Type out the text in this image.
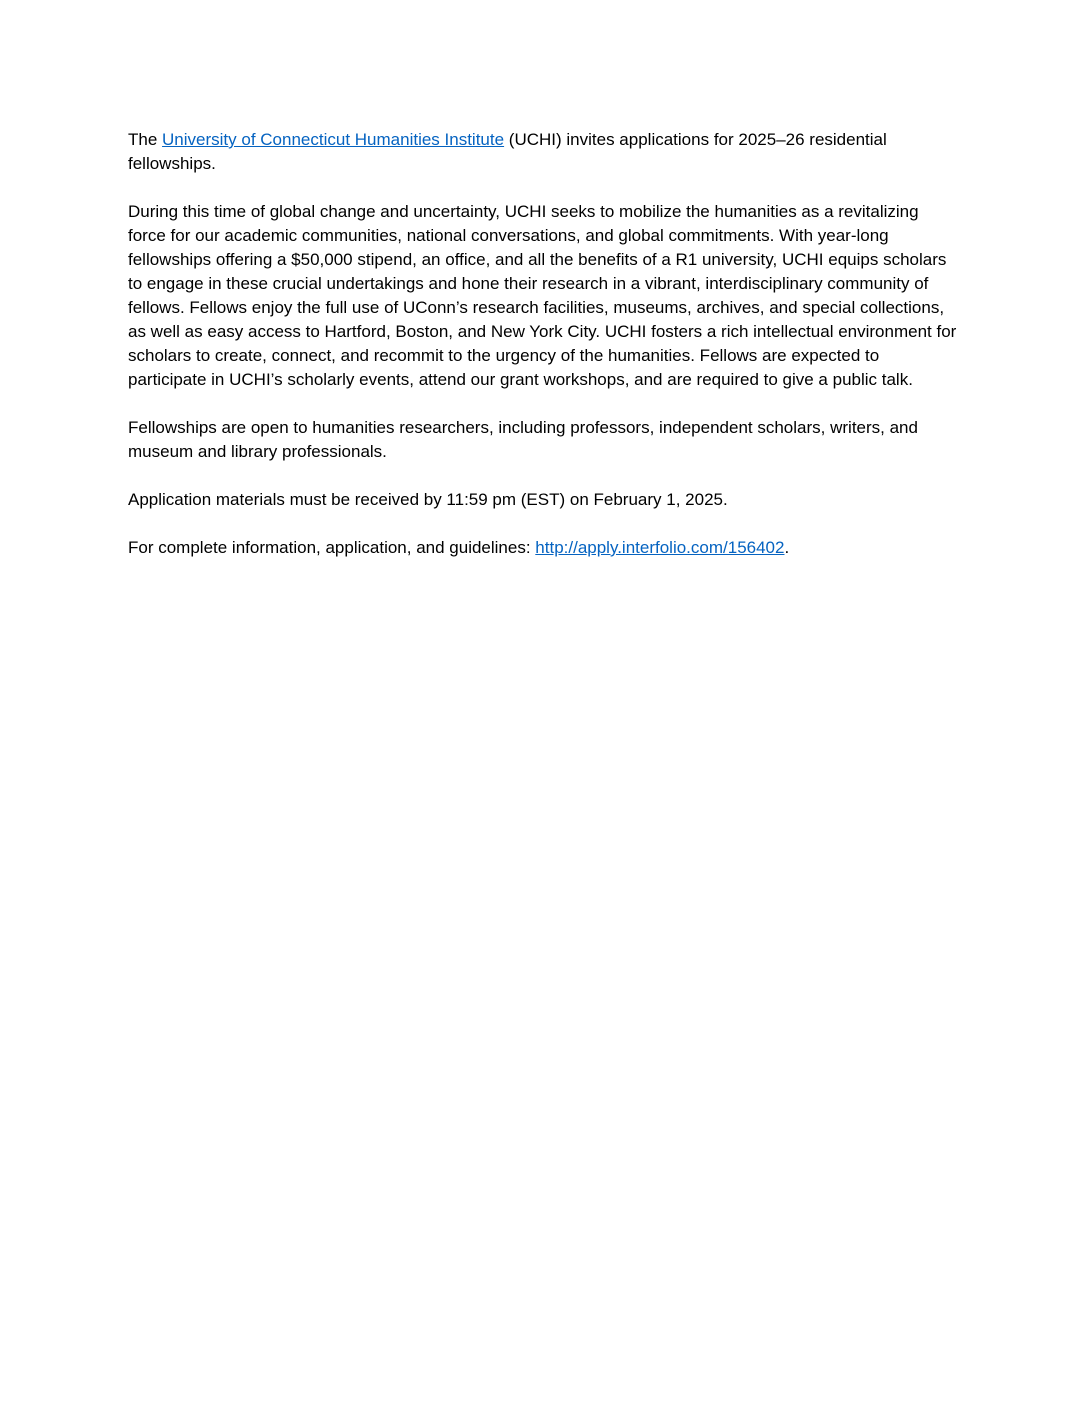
The University of Connecticut Humanities Institute (UCHI) invites applications for 2025–26 residential fellowships.

During this time of global change and uncertainty, UCHI seeks to mobilize the humanities as a revitalizing force for our academic communities, national conversations, and global commitments. With year-long fellowships offering a $50,000 stipend, an office, and all the benefits of a R1 university, UCHI equips scholars to engage in these crucial undertakings and hone their research in a vibrant, interdisciplinary community of fellows. Fellows enjoy the full use of UConn’s research facilities, museums, archives, and special collections, as well as easy access to Hartford, Boston, and New York City. UCHI fosters a rich intellectual environment for scholars to create, connect, and recommit to the urgency of the humanities. Fellows are expected to participate in UCHI’s scholarly events, attend our grant workshops, and are required to give a public talk.

Fellowships are open to humanities researchers, including professors, independent scholars, writers, and museum and library professionals.

Application materials must be received by 11:59 pm (EST) on February 1, 2025.

For complete information, application, and guidelines: http://apply.interfolio.com/156402.
